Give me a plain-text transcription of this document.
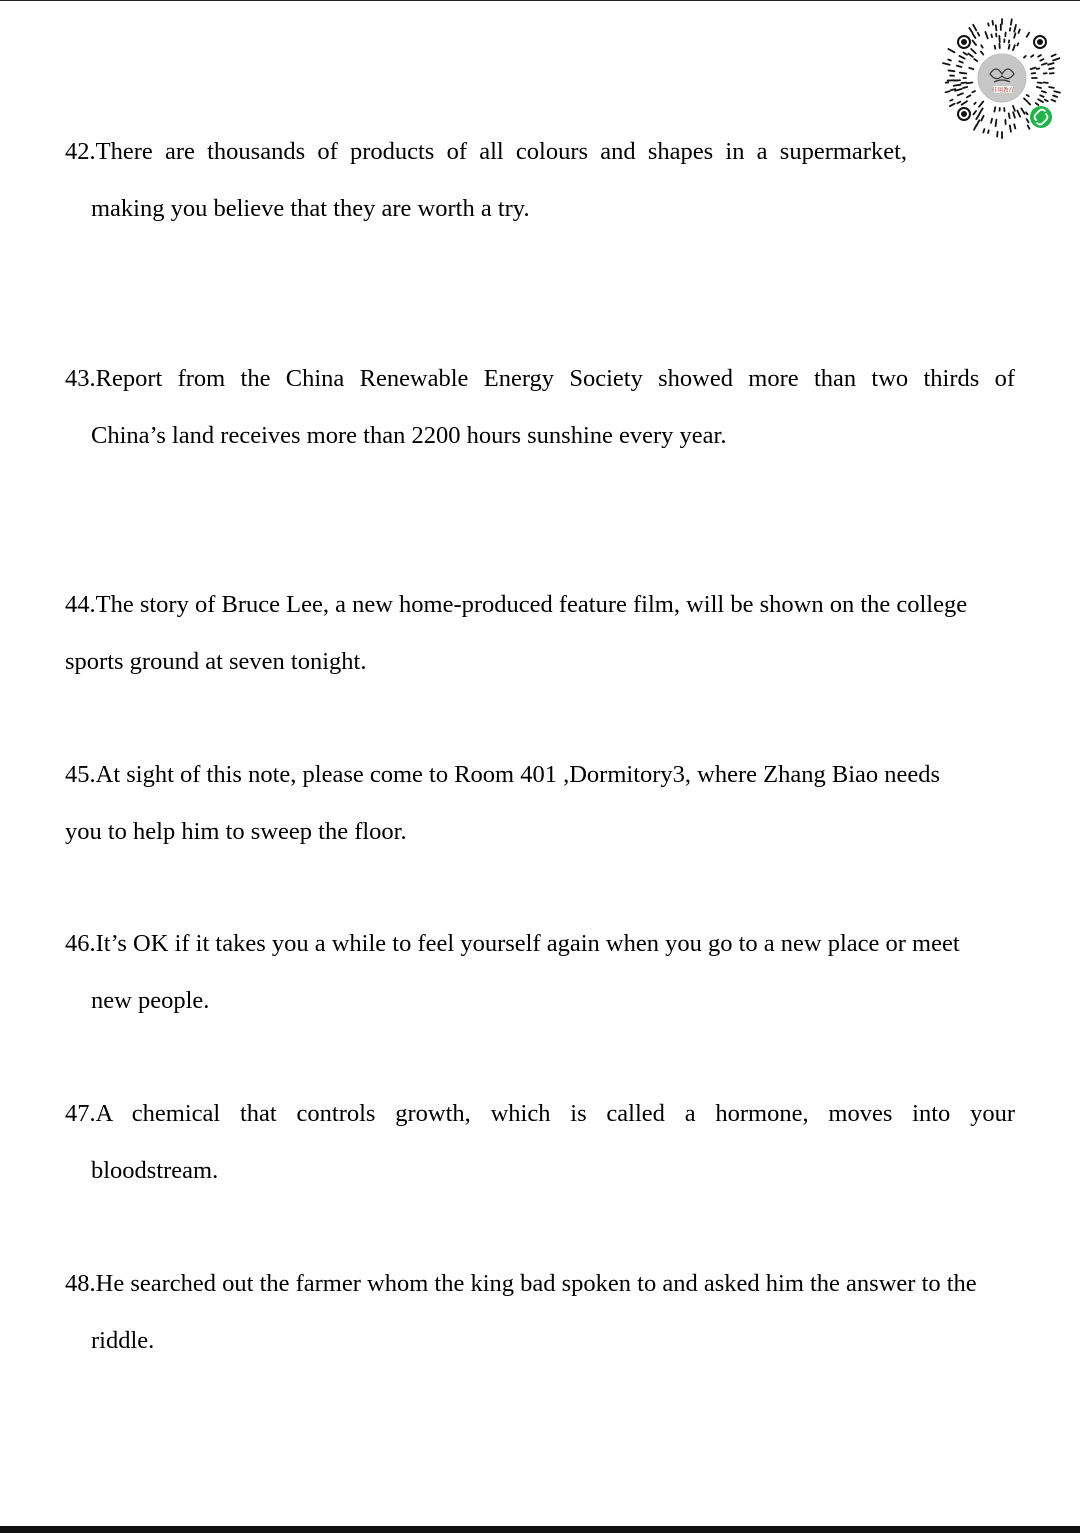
佳翔教育
42.There are thousands of products of all colours and shapes in a supermarket,
making you believe that they are worth a try.
43.Report from the China Renewable Energy Society showed more than two thirds of
China’s land receives more than 2200 hours sunshine every year.
44.The story of Bruce Lee, a new home-produced feature film, will be shown on the college
sports ground at seven tonight.
45.At sight of this note, please come to Room 401 ,Dormitory3, where Zhang Biao needs
you to help him to sweep the floor.
46.It’s OK if it takes you a while to feel yourself again when you go to a new place or meet
new people.
47.A chemical that controls growth, which is called a hormone, moves into your
bloodstream.
48.He searched out the farmer whom the king bad spoken to and asked him the answer to the
riddle.
